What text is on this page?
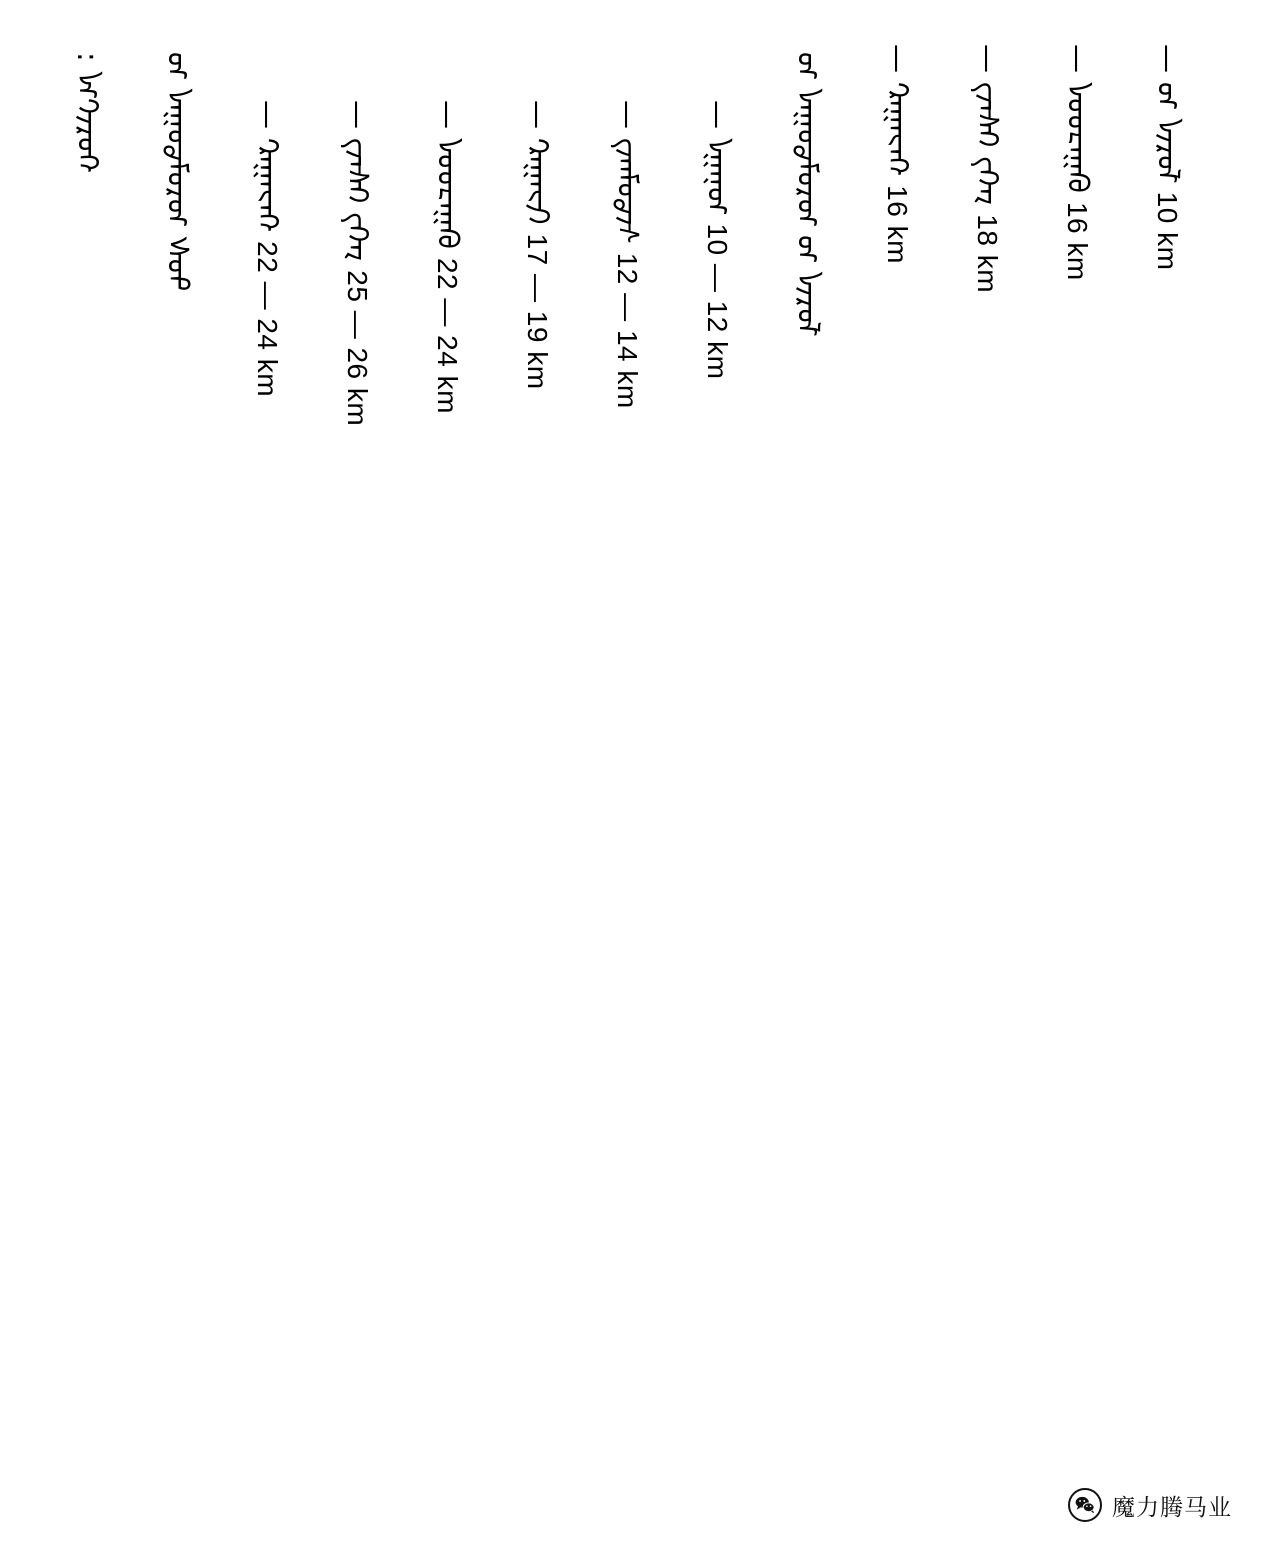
—ᠮᠣᠷᠢᠨ ᠤ 10 km
—ᠪᠠᠭᠠᠴᠤᠳ 16 km
—ᠶᠡᠬᠡ ᠬᠡᠰᠡᠭ 18 km
—ᠬᠠᠵᠠᠭᠠᠷ 16 km
ᠮᠣᠷᠢᠨ ᠤ ᠤᠷᠤᠯᠳᠤᠭᠠᠨ ᠤ
—ᠤᠨᠠᠭᠠ 10 — 12 km
—ᠰᠢᠳᠦᠯᠡᠩ 12 — 14 km
—ᠬᠢᠵᠠᠭᠠᠷ 17 — 19 km
—ᠪᠠᠭᠠᠴᠤᠳ 22 — 24 km
—ᠶᠡᠬᠡ ᠬᠡᠰᠡᠭ 25 — 26 km
—ᠬᠠᠵᠠᠭᠠᠷ 22 — 24 km
ᠲᠤᠰ ᠤᠷᠤᠯᠳᠤᠭᠠᠨ ᠤ
ᠬᠤᠷᠢᠶ᠎ᠠ :
魔力腾马业
